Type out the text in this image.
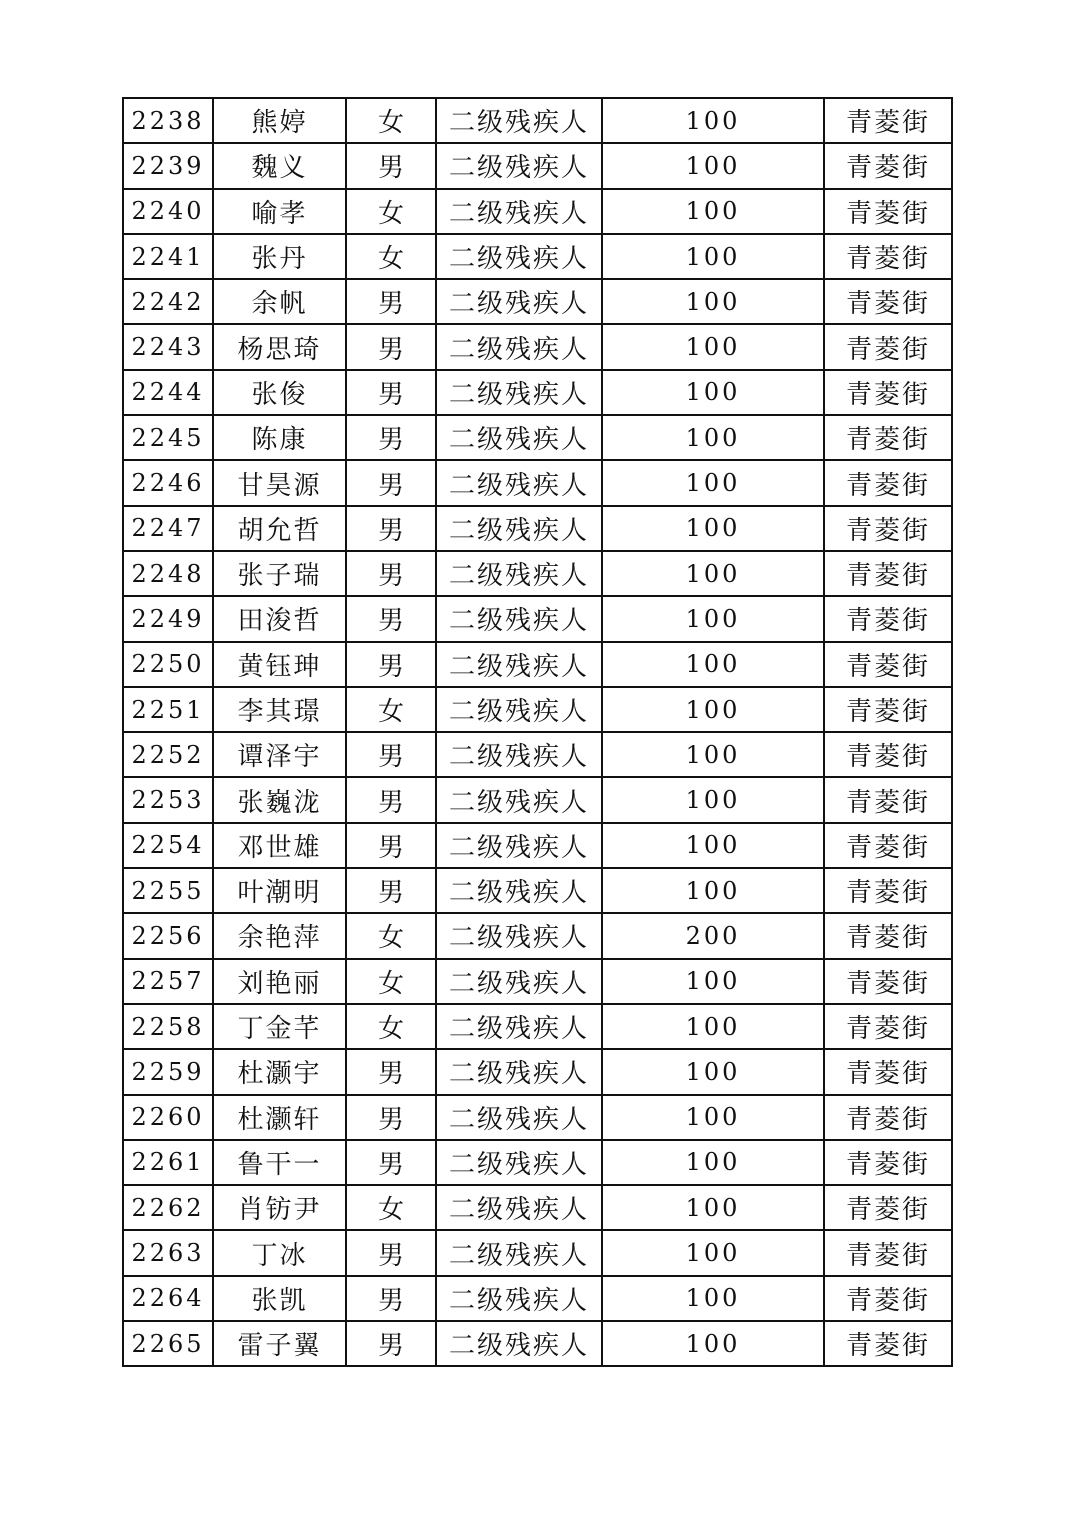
2238	熊婷	女	二级残疾人	100	青菱街
2239	魏义	男	二级残疾人	100	青菱街
2240	喻孝	女	二级残疾人	100	青菱街
2241	张丹	女	二级残疾人	100	青菱街
2242	余帆	男	二级残疾人	100	青菱街
2243	杨思琦	男	二级残疾人	100	青菱街
2244	张俊	男	二级残疾人	100	青菱街
2245	陈康	男	二级残疾人	100	青菱街
2246	甘昊源	男	二级残疾人	100	青菱街
2247	胡允哲	男	二级残疾人	100	青菱街
2248	张子瑞	男	二级残疾人	100	青菱街
2249	田浚哲	男	二级残疾人	100	青菱街
2250	黄钰珅	男	二级残疾人	100	青菱街
2251	李其璟	女	二级残疾人	100	青菱街
2252	谭泽宇	男	二级残疾人	100	青菱街
2253	张巍泷	男	二级残疾人	100	青菱街
2254	邓世雄	男	二级残疾人	100	青菱街
2255	叶潮明	男	二级残疾人	100	青菱街
2256	余艳萍	女	二级残疾人	200	青菱街
2257	刘艳丽	女	二级残疾人	100	青菱街
2258	丁金芊	女	二级残疾人	100	青菱街
2259	杜灏宇	男	二级残疾人	100	青菱街
2260	杜灏轩	男	二级残疾人	100	青菱街
2261	鲁干一	男	二级残疾人	100	青菱街
2262	肖钫尹	女	二级残疾人	100	青菱街
2263	丁冰	男	二级残疾人	100	青菱街
2264	张凯	男	二级残疾人	100	青菱街
2265	雷子翼	男	二级残疾人	100	青菱街
